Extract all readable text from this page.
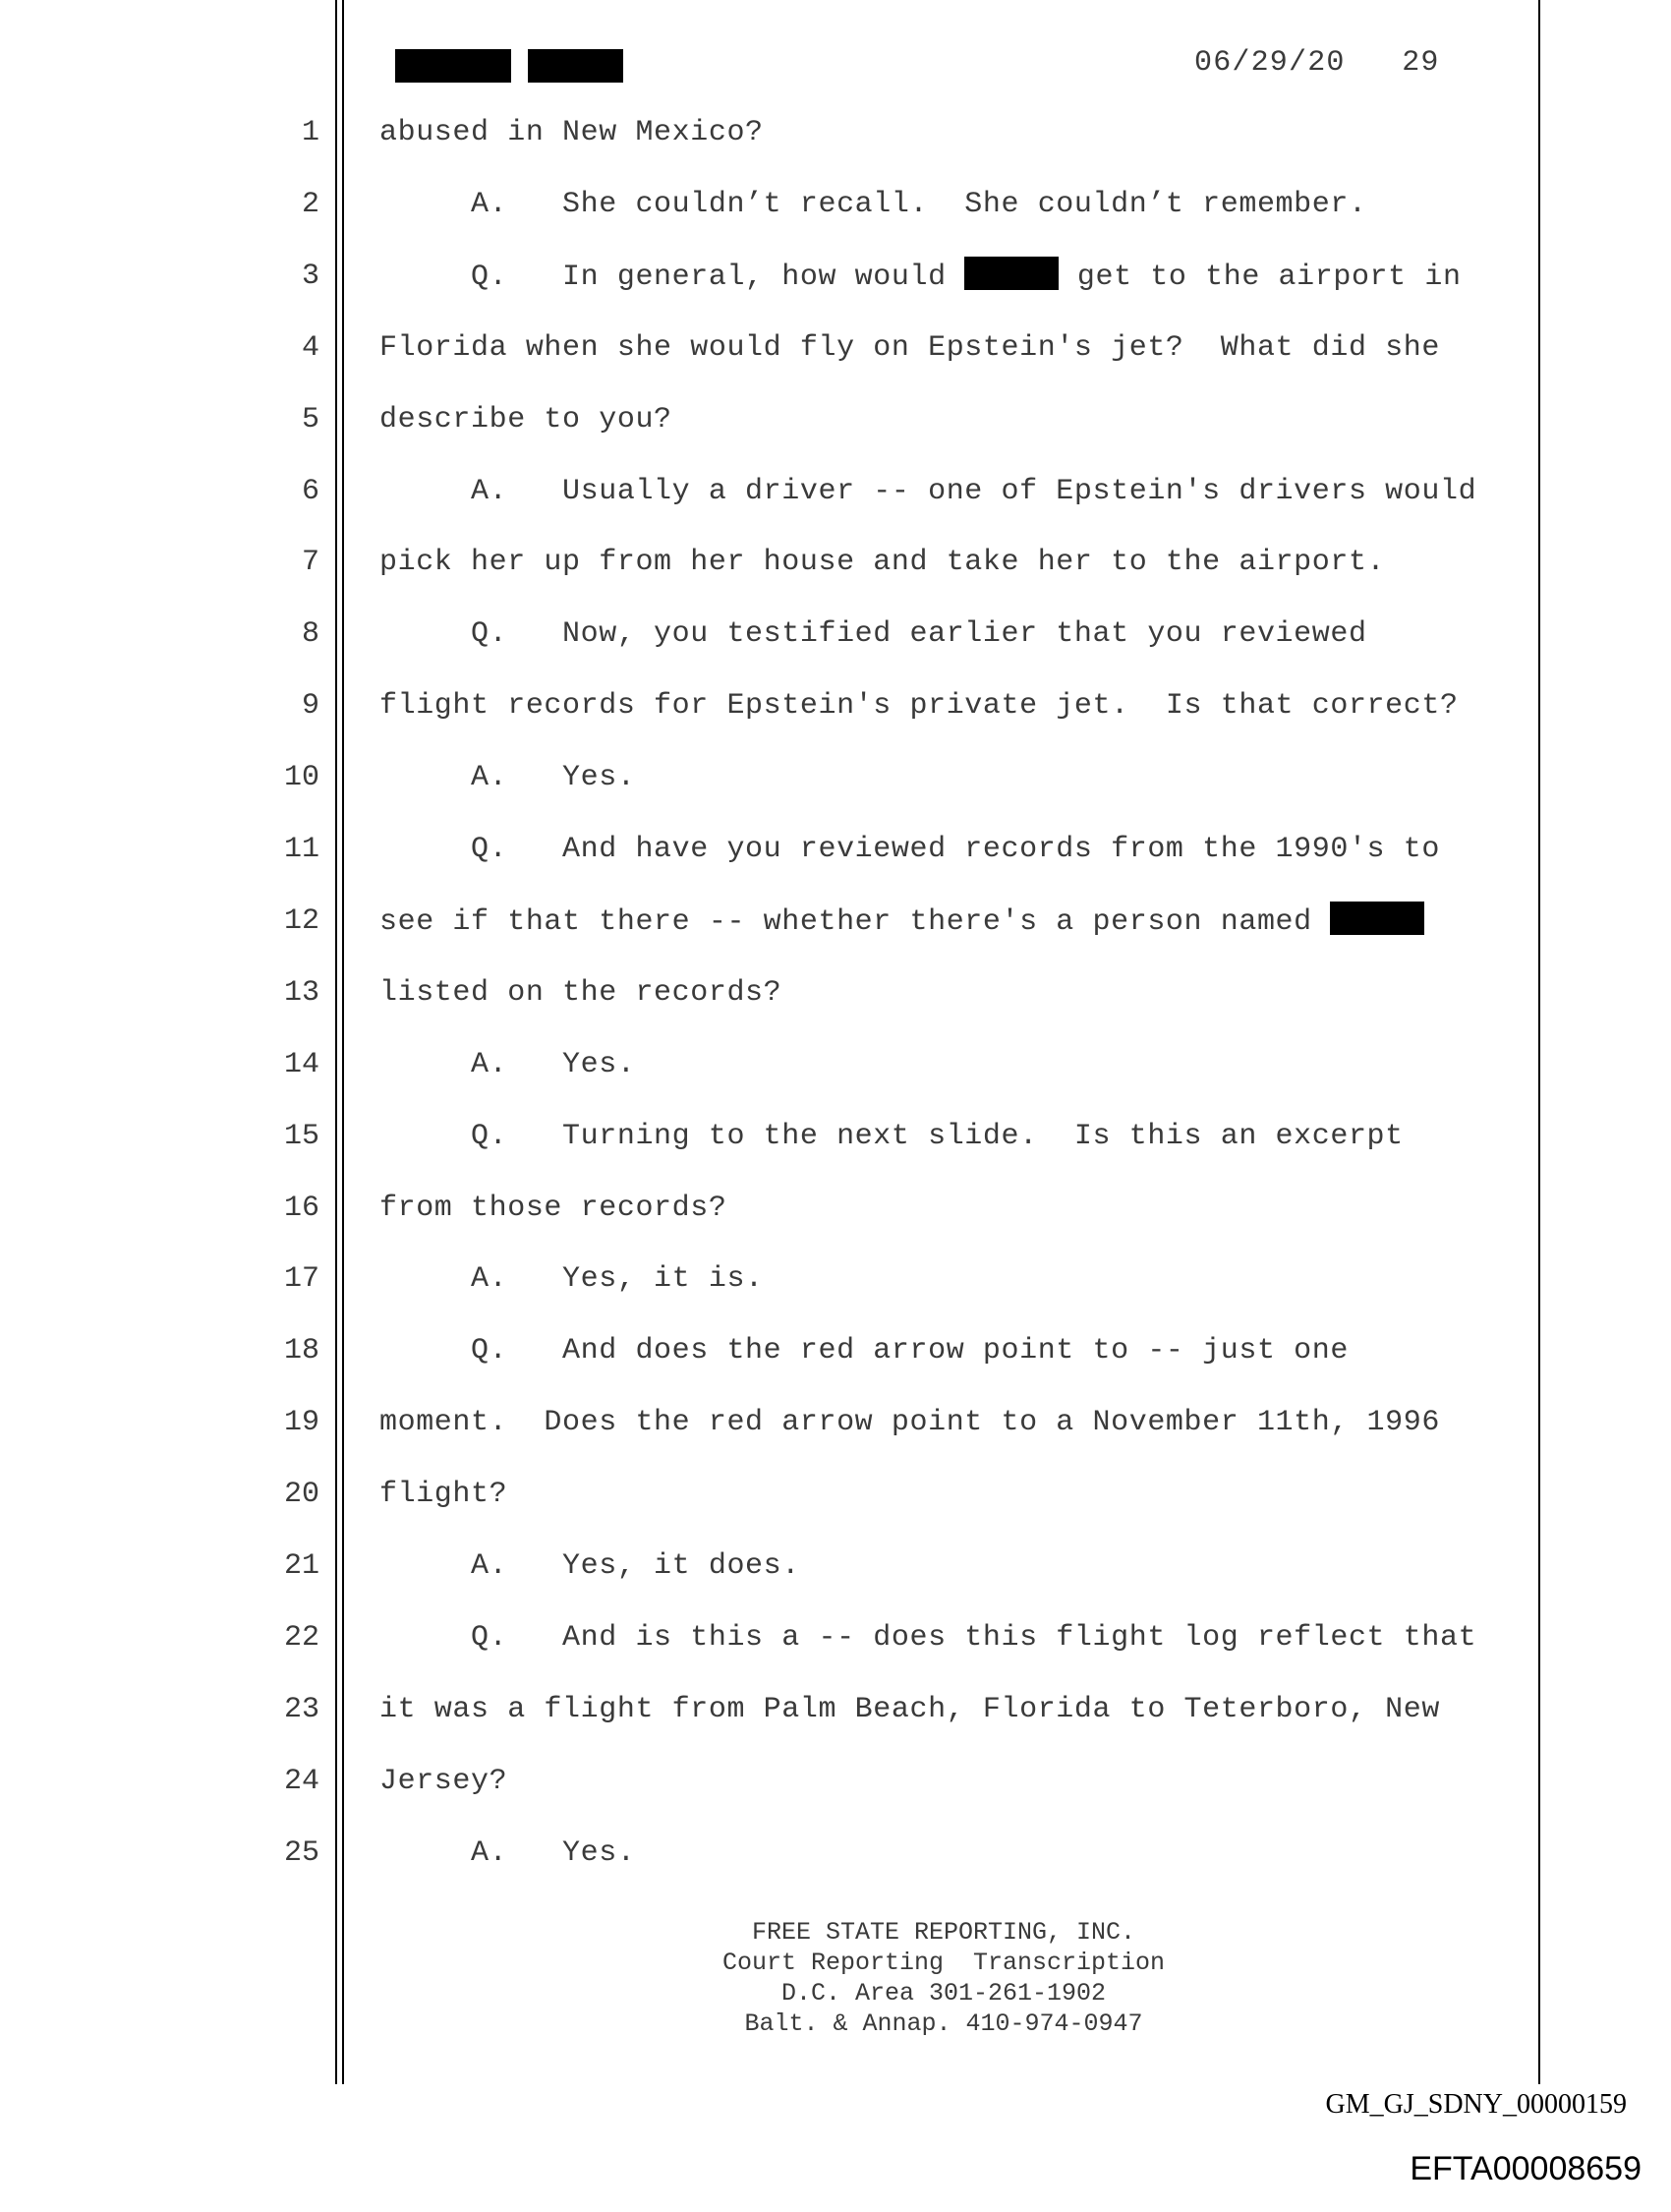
06/29/20 29
1 abused in New Mexico?
2 A.   She couldn’t recall.  She couldn’t remember.
3 Q.   In general, how would	get to the airport in
4 Florida when she would fly on Epstein's jet?  What did she
5 describe to you?
6 A.   Usually a driver -- one of Epstein's drivers would
7 pick her up from her house and take her to the airport.
8 Q.   Now, you testified earlier that you reviewed
9 flight records for Epstein's private jet.  Is that correct?
10 A.   Yes.
11 Q.   And have you reviewed records from the 1990's to
12 see if that there -- whether there's a person named
13 listed on the records?
14 A.   Yes.
15 Q.   Turning to the next slide.  Is this an excerpt
16 from those records?
17 A.   Yes, it is.
18 Q.   And does the red arrow point to -- just one
19 moment.  Does the red arrow point to a November 11th, 1996
20 flight?
21 A.   Yes, it does.
22 Q.   And is this a -- does this flight log reflect that
23 it was a flight from Palm Beach, Florida to Teterboro, New
24 Jersey?
25 A.   Yes.
FREE STATE REPORTING, INC.
Court Reporting  Transcription
D.C. Area 301-261-1902
Balt. & Annap. 410-974-0947
GM_GJ_SDNY_00000159
EFTA00008659
